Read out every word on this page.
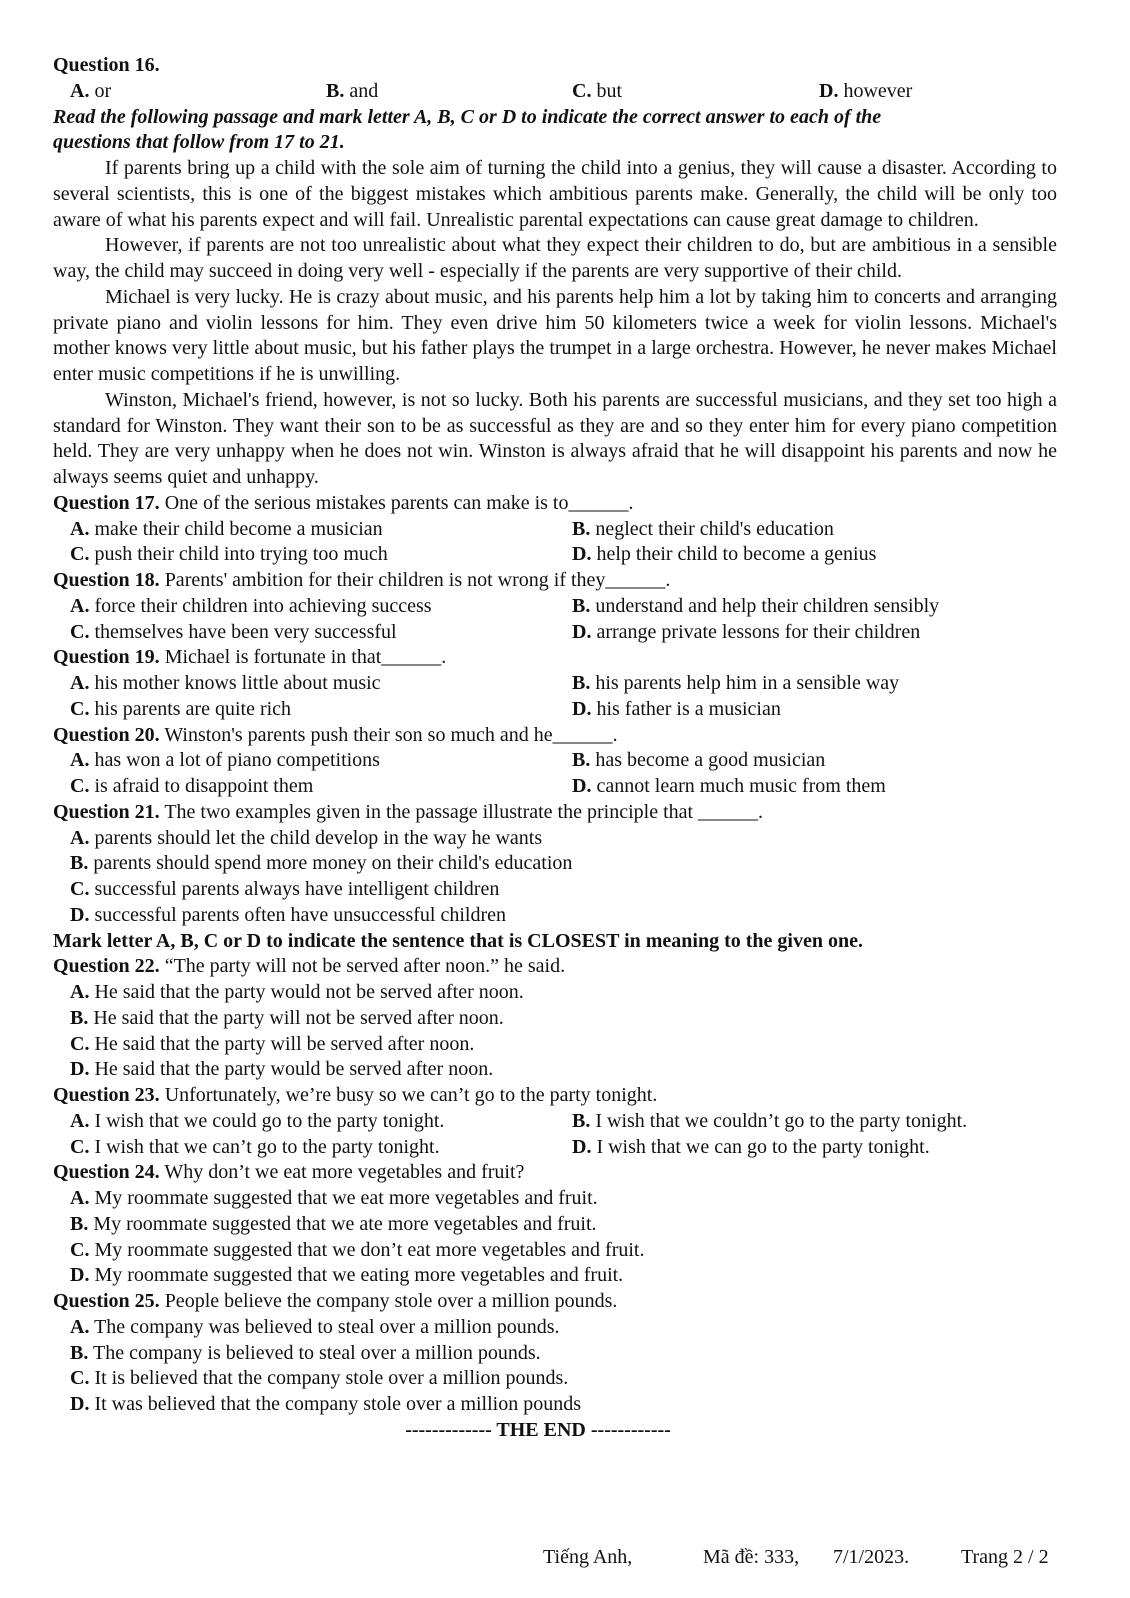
Question 16.
A. or	B. and	C. but	D. however
Read the following passage and mark letter A, B, C or D to indicate the correct answer to each of the
questions that follow from 17 to 21.

If parents bring up a child with the sole aim of turning the child into a genius, they will cause a disaster. According to several scientists, this is one of the biggest mistakes which ambitious parents make. Generally, the child will be only too aware of what his parents expect and will fail. Unrealistic parental expectations can cause great damage to children.

However, if parents are not too unrealistic about what they expect their children to do, but are ambitious in a sensible way, the child may succeed in doing very well - especially if the parents are very supportive of their child.

Michael is very lucky. He is crazy about music, and his parents help him a lot by taking him to concerts and arranging private piano and violin lessons for him. They even drive him 50 kilometers twice a week for violin lessons. Michael's mother knows very little about music, but his father plays the trumpet in a large orchestra. However, he never makes Michael enter music competitions if he is unwilling.

Winston, Michael's friend, however, is not so lucky. Both his parents are successful musicians, and they set too high a standard for Winston. They want their son to be as successful as they are and so they enter him for every piano competition held. They are very unhappy when he does not win. Winston is always afraid that he will disappoint his parents and now he always seems quiet and unhappy.

Question 17. One of the serious mistakes parents can make is to______.
A. make their child become a musician	B. neglect their child's education
C. push their child into trying too much	D. help their child to become a genius
Question 18. Parents' ambition for their children is not wrong if they______.
A. force their children into achieving success	B. understand and help their children sensibly
C. themselves have been very successful	D. arrange private lessons for their children
Question 19. Michael is fortunate in that______.
A. his mother knows little about music	B. his parents help him in a sensible way
C. his parents are quite rich	D. his father is a musician
Question 20. Winston's parents push their son so much and he______.
A. has won a lot of piano competitions	B. has become a good musician
C. is afraid to disappoint them	D. cannot learn much music from them
Question 21. The two examples given in the passage illustrate the principle that ______.
A. parents should let the child develop in the way he wants
B. parents should spend more money on their child's education
C. successful parents always have intelligent children
D. successful parents often have unsuccessful children
Mark letter A, B, C or D to indicate the sentence that is CLOSEST in meaning to the given one.
Question 22. “The party will not be served after noon.” he said.
A. He said that the party would not be served after noon.
B. He said that the party will not be served after noon.
C. He said that the party will be served after noon.
D. He said that the party would be served after noon.
Question 23. Unfortunately, we’re busy so we can’t go to the party tonight.
A. I wish that we could go to the party tonight.	B. I wish that we couldn’t go to the party tonight.
C. I wish that we can’t go to the party tonight.	D. I wish that we can go to the party tonight.
Question 24. Why don’t we eat more vegetables and fruit?
A. My roommate suggested that we eat more vegetables and fruit.
B. My roommate suggested that we ate more vegetables and fruit.
C. My roommate suggested that we don’t eat more vegetables and fruit.
D. My roommate suggested that we eating more vegetables and fruit.
Question 25. People believe the company stole over a million pounds.
A. The company was believed to steal over a million pounds.
B. The company is believed to steal over a million pounds.
C. It is believed that the company stole over a million pounds.
D. It was believed that the company stole over a million pounds
------------- THE END ------------
Tiếng Anh,	Mã đề: 333, 7/1/2023.	Trang 2 / 2
